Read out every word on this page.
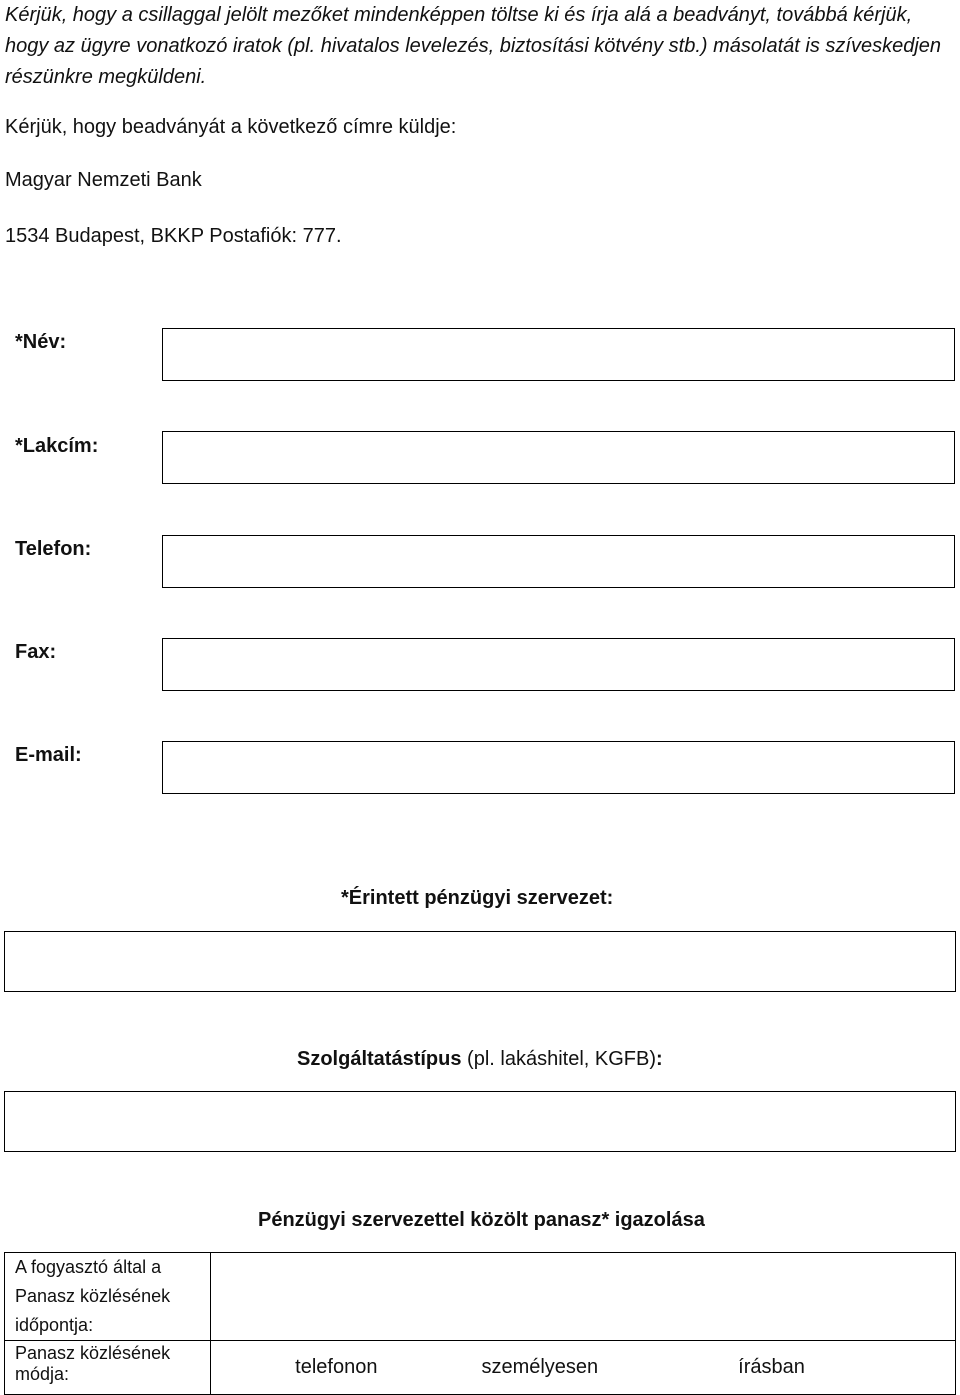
Kérjük, hogy a csillaggal jelölt mezőket mindenképpen töltse ki és írja alá a beadványt, továbbá kérjük, hogy az ügyre vonatkozó iratok (pl. hivatalos levelezés, biztosítási kötvény stb.) másolatát is szíveskedjen részünkre megküldeni.
Kérjük, hogy beadványát a következő címre küldje:
Magyar Nemzeti Bank
1534 Budapest, BKKP Postafiók: 777.
*Név:
*Lakcím:
Telefon:
Fax:
E-mail:
*Érintett pénzügyi szervezet:
Szolgáltatástípus (pl. lakáshitel, KGFB):
Pénzügyi szervezettel közölt panasz* igazolása
A fogyasztó által a Panasz közlésének időpontja:			
Panasz közlésének módja:	telefonon	személyesen	írásban
